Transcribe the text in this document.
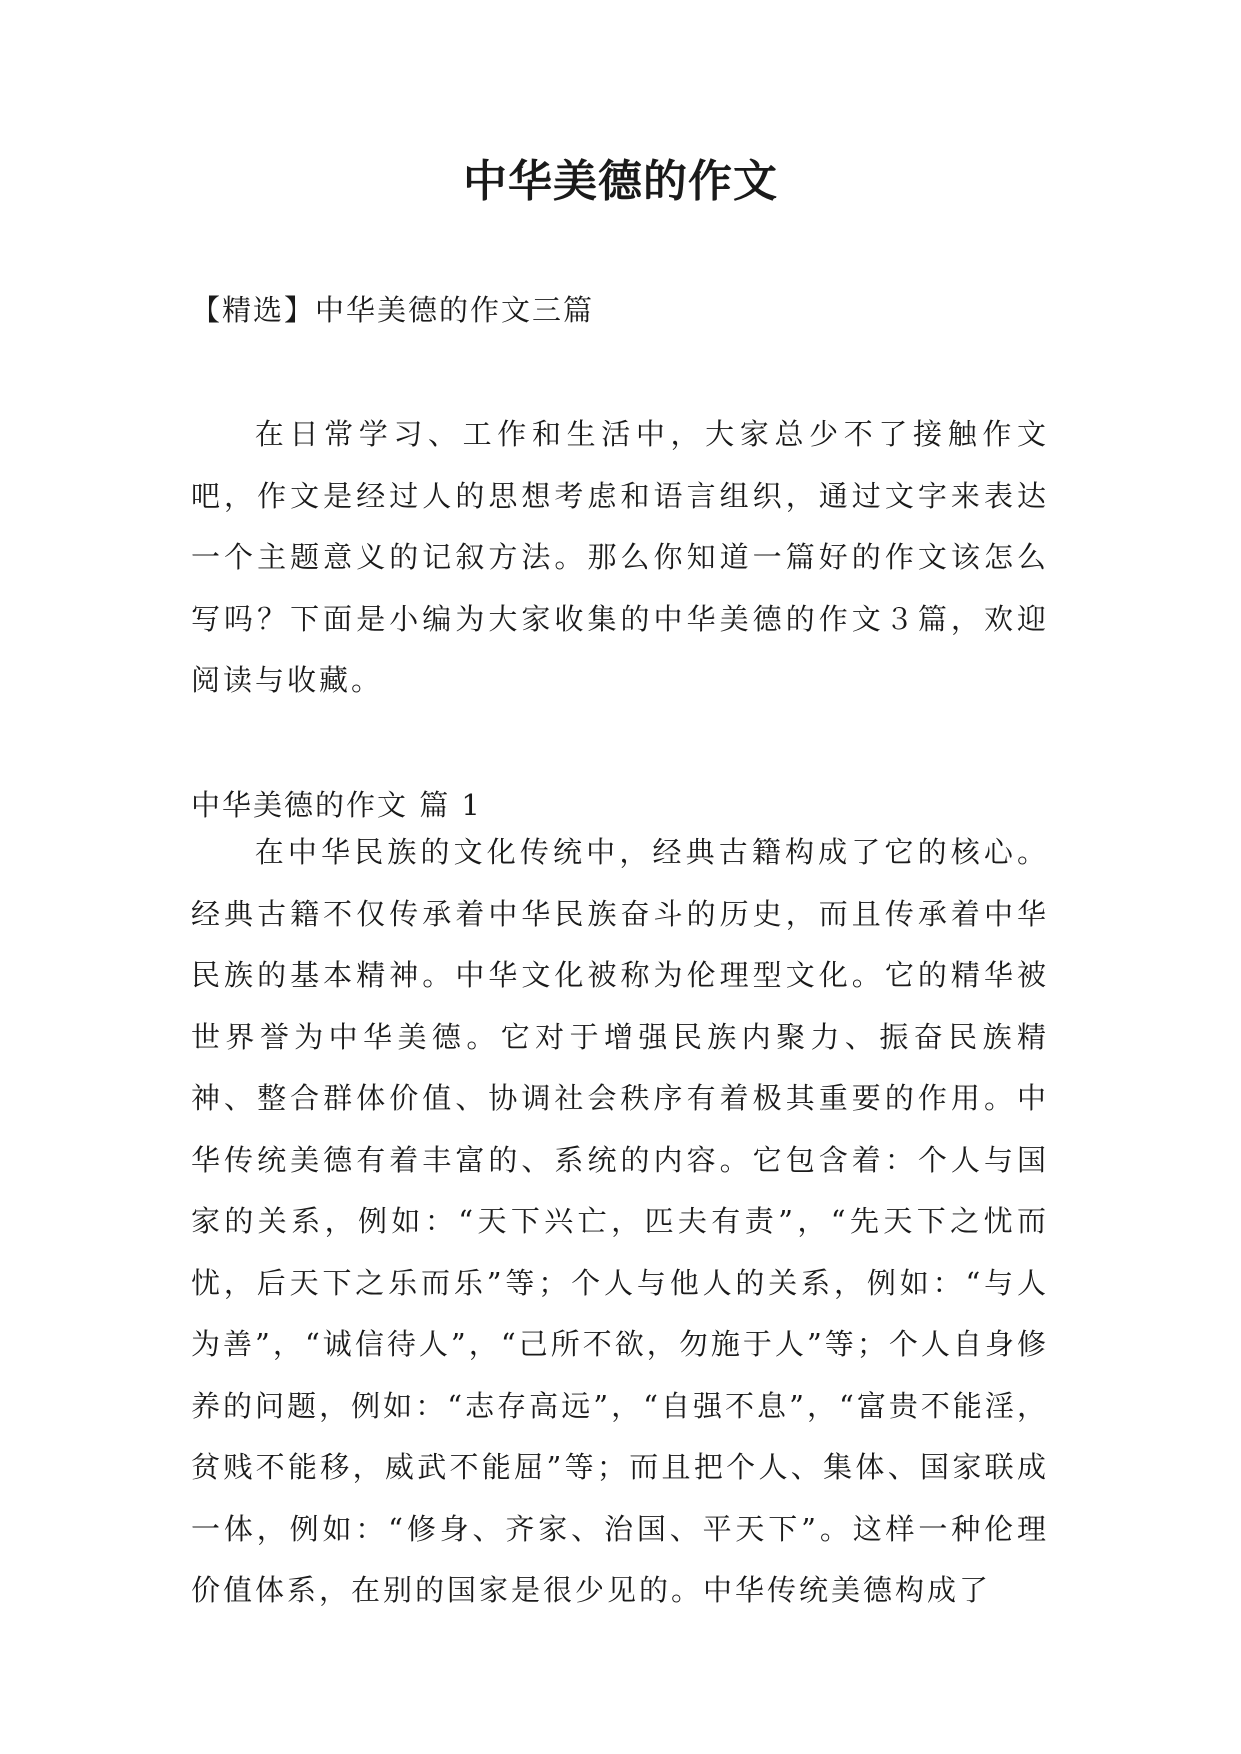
中华美德的作文
【精选】中华美德的作文三篇

在日常学习、工作和生活中，大家总少不了接触作文吧，作文是经过人的思想考虑和语言组织，通过文字来表达一个主题意义的记叙方法。那么你知道一篇好的作文该怎么写吗？下面是小编为大家收集的中华美德的作文３篇，欢迎阅读与收藏。

中华美德的作文 篇 1

在中华民族的文化传统中，经典古籍构成了它的核心。经典古籍不仅传承着中华民族奋斗的历史，而且传承着中华民族的基本精神。中华文化被称为伦理型文化。它的精华被世界誉为中华美德。它对于增强民族内聚力、振奋民族精神、整合群体价值、协调社会秩序有着极其重要的作用。中华传统美德有着丰富的、系统的内容。它包含着：个人与国家的关系，例如：“天下兴亡，匹夫有责”，“先天下之忧而忧，后天下之乐而乐”等；个人与他人的关系，例如：“与人为善”，“诚信待人”，“己所不欲，勿施于人”等；个人自身修养的问题，例如：“志存高远”，“自强不息”，“富贵不能淫，贫贱不能移，威武不能屈”等；而且把个人、集体、国家联成一体，例如：“修身、齐家、治国、平天下”。这样一种伦理价值体系，在别的国家是很少见的。中华传统美德构成了
